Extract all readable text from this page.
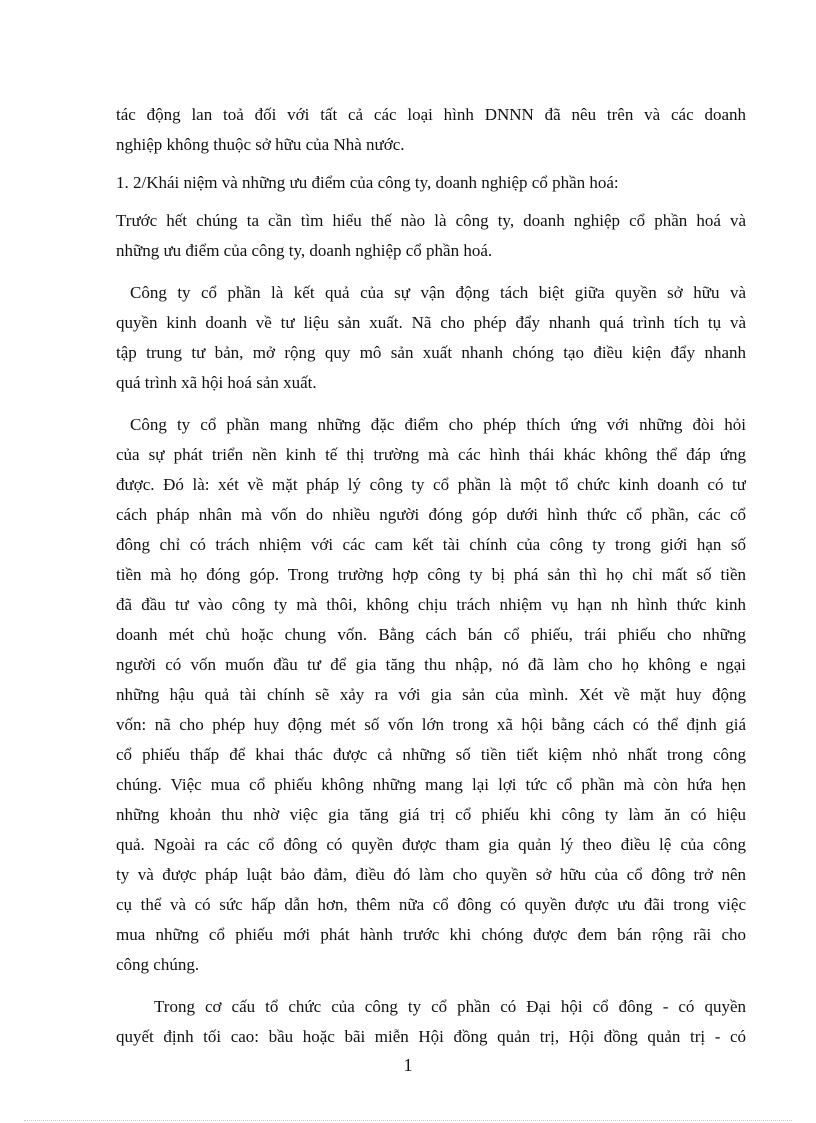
tác động lan toả đối với tất cả các loại hình DNNN đã nêu trên và các doanh
nghiệp không thuộc sở hữu của Nhà nước.
1. 2/Khái niệm và những ưu điểm của công ty, doanh nghiệp cổ phần hoá:
Trước hết chúng ta cần tìm hiểu thế nào là công ty, doanh nghiệp cổ phần hoá và
những ưu điểm của công ty, doanh nghiệp cổ phần hoá.
Công ty cổ phần là kết quả của sự vận động tách biệt giữa quyền sở hữu và
quyền kinh doanh về tư liệu sản xuất. Nã cho phép đẩy nhanh quá trình tích tụ và
tập trung tư bản, mở rộng quy mô sản xuất nhanh chóng tạo điều kiện đẩy nhanh
quá trình xã hội hoá sản xuất.
Công ty cổ phần mang những đặc điểm cho phép thích ứng với những đòi hỏi
của sự phát triển nền kinh tế thị trường mà các hình thái khác không thể đáp ứng
được. Đó là: xét về mặt pháp lý công ty cổ phần là một tổ chức kinh doanh có tư
cách pháp nhân mà vốn do nhiều người đóng góp dưới hình thức cổ phần, các cổ
đông chỉ có trách nhiệm với các cam kết tài chính của công ty trong giới hạn số
tiền mà họ đóng góp. Trong trường hợp công ty bị phá sản thì họ chỉ mất số tiền
đã đầu tư vào công ty mà thôi, không chịu trách nhiệm vụ hạn nh hình thức kinh
doanh mét chủ hoặc chung vốn. Bằng cách bán cổ phiếu, trái phiếu cho những
người có vốn muốn đầu tư để gia tăng thu nhập, nó đã làm cho họ không e ngại
những hậu quả tài chính sẽ xảy ra với gia sản của mình. Xét về mặt huy động
vốn: nã cho phép huy động mét số vốn lớn trong xã hội bằng cách có thể định giá
cổ phiếu thấp để khai thác được cả những số tiền tiết kiệm nhỏ nhất trong công
chúng. Việc mua cổ phiếu không những mang lại lợi tức cổ phần mà còn hứa hẹn
những khoản thu nhờ việc gia tăng giá trị cổ phiếu khi công ty làm ăn có hiệu
quả. Ngoài ra các cổ đông có quyền được tham gia quản lý theo điều lệ của công
ty và được pháp luật bảo đảm, điều đó làm cho quyền sở hữu của cổ đông trở nên
cụ thể và có sức hấp dẫn hơn, thêm nữa cổ đông có quyền được ưu đãi trong việc
mua những cổ phiếu mới phát hành trước khi chóng được đem bán rộng rãi cho
công chúng.
Trong cơ cấu tổ chức của công ty cổ phần có Đại hội cổ đông - có quyền
quyết định tối cao: bầu hoặc bãi miễn Hội đồng quản trị, Hội đồng quản trị - có
1
